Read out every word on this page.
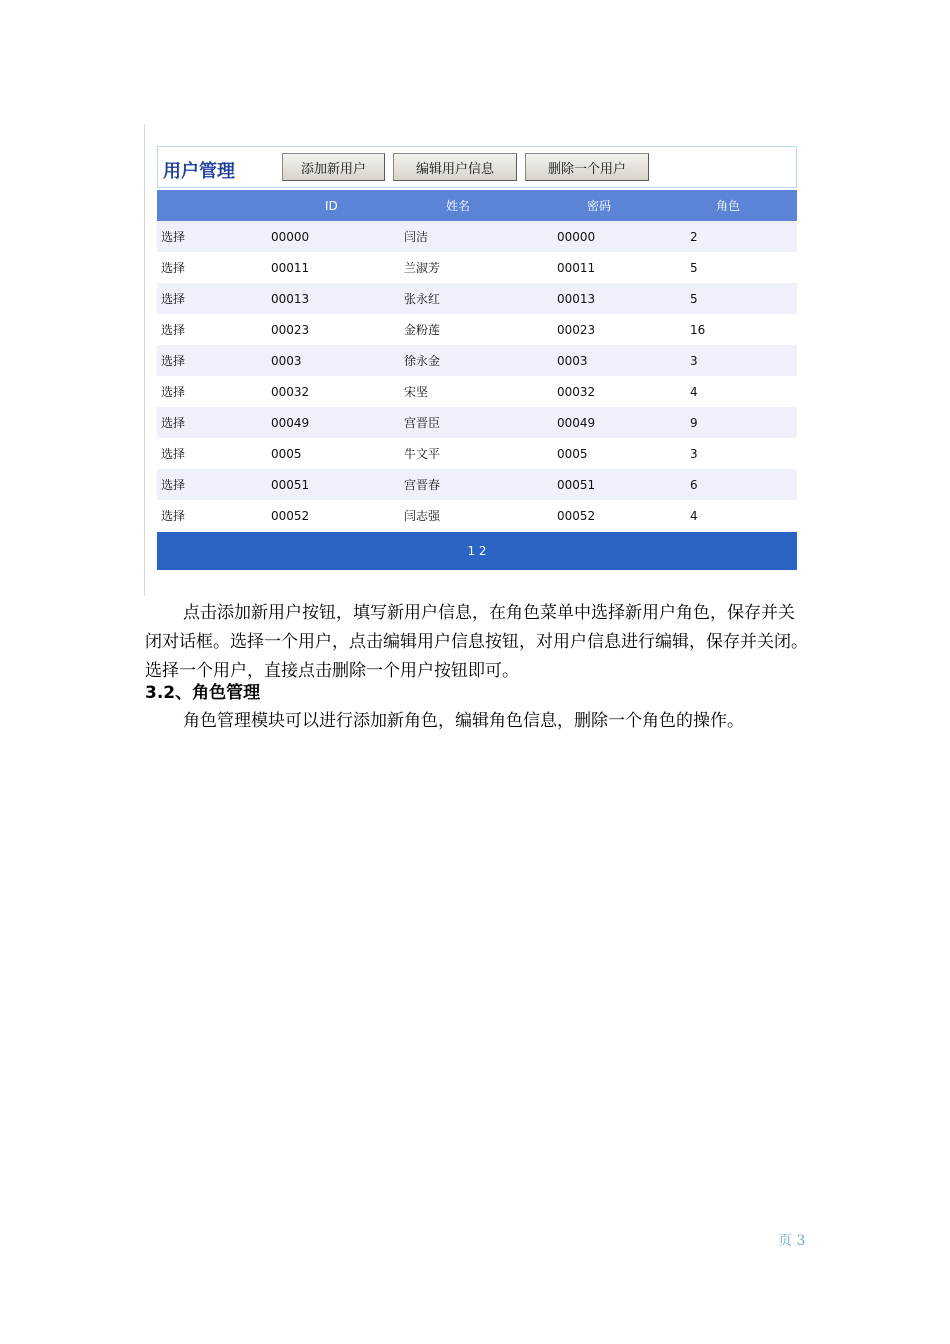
用户管理	添加新用户	编辑用户信息	删除一个用户
	ID	姓名	密码	角色
选择	00000	闫洁	00000	2
选择	00011	兰淑芳	00011	5
选择	00013	张永红	00013	5
选择	00023	金粉莲	00023	16
选择	0003	徐永金	0003	3
选择	00032	宋坚	00032	4
选择	00049	宫晋臣	00049	9
选择	0005	牛文平	0005	3
选择	00051	宫晋春	00051	6
选择	00052	闫志强	00052	4
1 2

点击添加新用户按钮，填写新用户信息，在角色菜单中选择新用户角色，保存并关闭对话框。选择一个用户，点击编辑用户信息按钮，对用户信息进行编辑，保存并关闭。选择一个用户，直接点击删除一个用户按钮即可。

3.2、角色管理

角色管理模块可以进行添加新角色，编辑角色信息，删除一个角色的操作。

页 3
